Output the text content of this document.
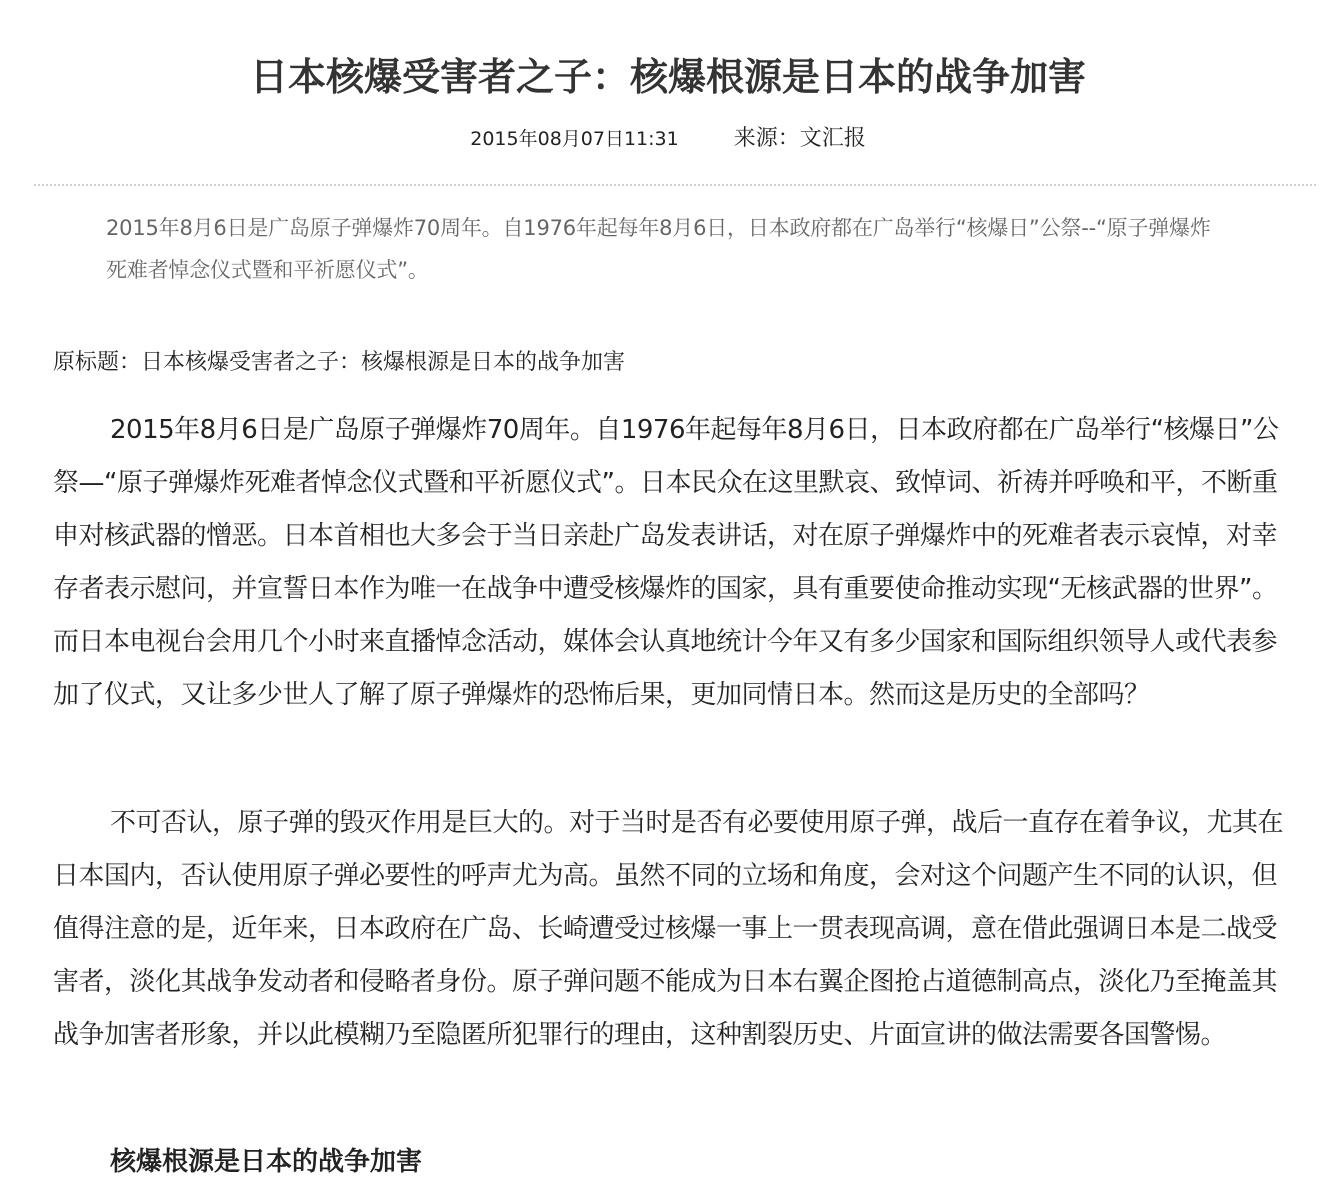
日本核爆受害者之子：核爆根源是日本的战争加害
2015年08月07日11:31	来源：文汇报
2015年8月6日是广岛原子弹爆炸70周年。自1976年起每年8月6日，日本政府都在广岛举行“核爆日”公祭--“原子弹爆炸死难者悼念仪式暨和平祈愿仪式”。
原标题：日本核爆受害者之子：核爆根源是日本的战争加害

2015年8月6日是广岛原子弹爆炸70周年。自1976年起每年8月6日，日本政府都在广岛举行“核爆日”公祭—“原子弹爆炸死难者悼念仪式暨和平祈愿仪式”。日本民众在这里默哀、致悼词、祈祷并呼唤和平，不断重申对核武器的憎恶。日本首相也大多会于当日亲赴广岛发表讲话，对在原子弹爆炸中的死难者表示哀悼，对幸存者表示慰问，并宣誓日本作为唯一在战争中遭受核爆炸的国家，具有重要使命推动实现“无核武器的世界”。而日本电视台会用几个小时来直播悼念活动，媒体会认真地统计今年又有多少国家和国际组织领导人或代表参加了仪式，又让多少世人了解了原子弹爆炸的恐怖后果，更加同情日本。然而这是历史的全部吗？

不可否认，原子弹的毁灭作用是巨大的。对于当时是否有必要使用原子弹，战后一直存在着争议，尤其在日本国内，否认使用原子弹必要性的呼声尤为高。虽然不同的立场和角度，会对这个问题产生不同的认识，但值得注意的是，近年来，日本政府在广岛、长崎遭受过核爆一事上一贯表现高调，意在借此强调日本是二战受害者，淡化其战争发动者和侵略者身份。原子弹问题不能成为日本右翼企图抢占道德制高点，淡化乃至掩盖其战争加害者形象，并以此模糊乃至隐匿所犯罪行的理由，这种割裂历史、片面宣讲的做法需要各国警惕。

核爆根源是日本的战争加害
